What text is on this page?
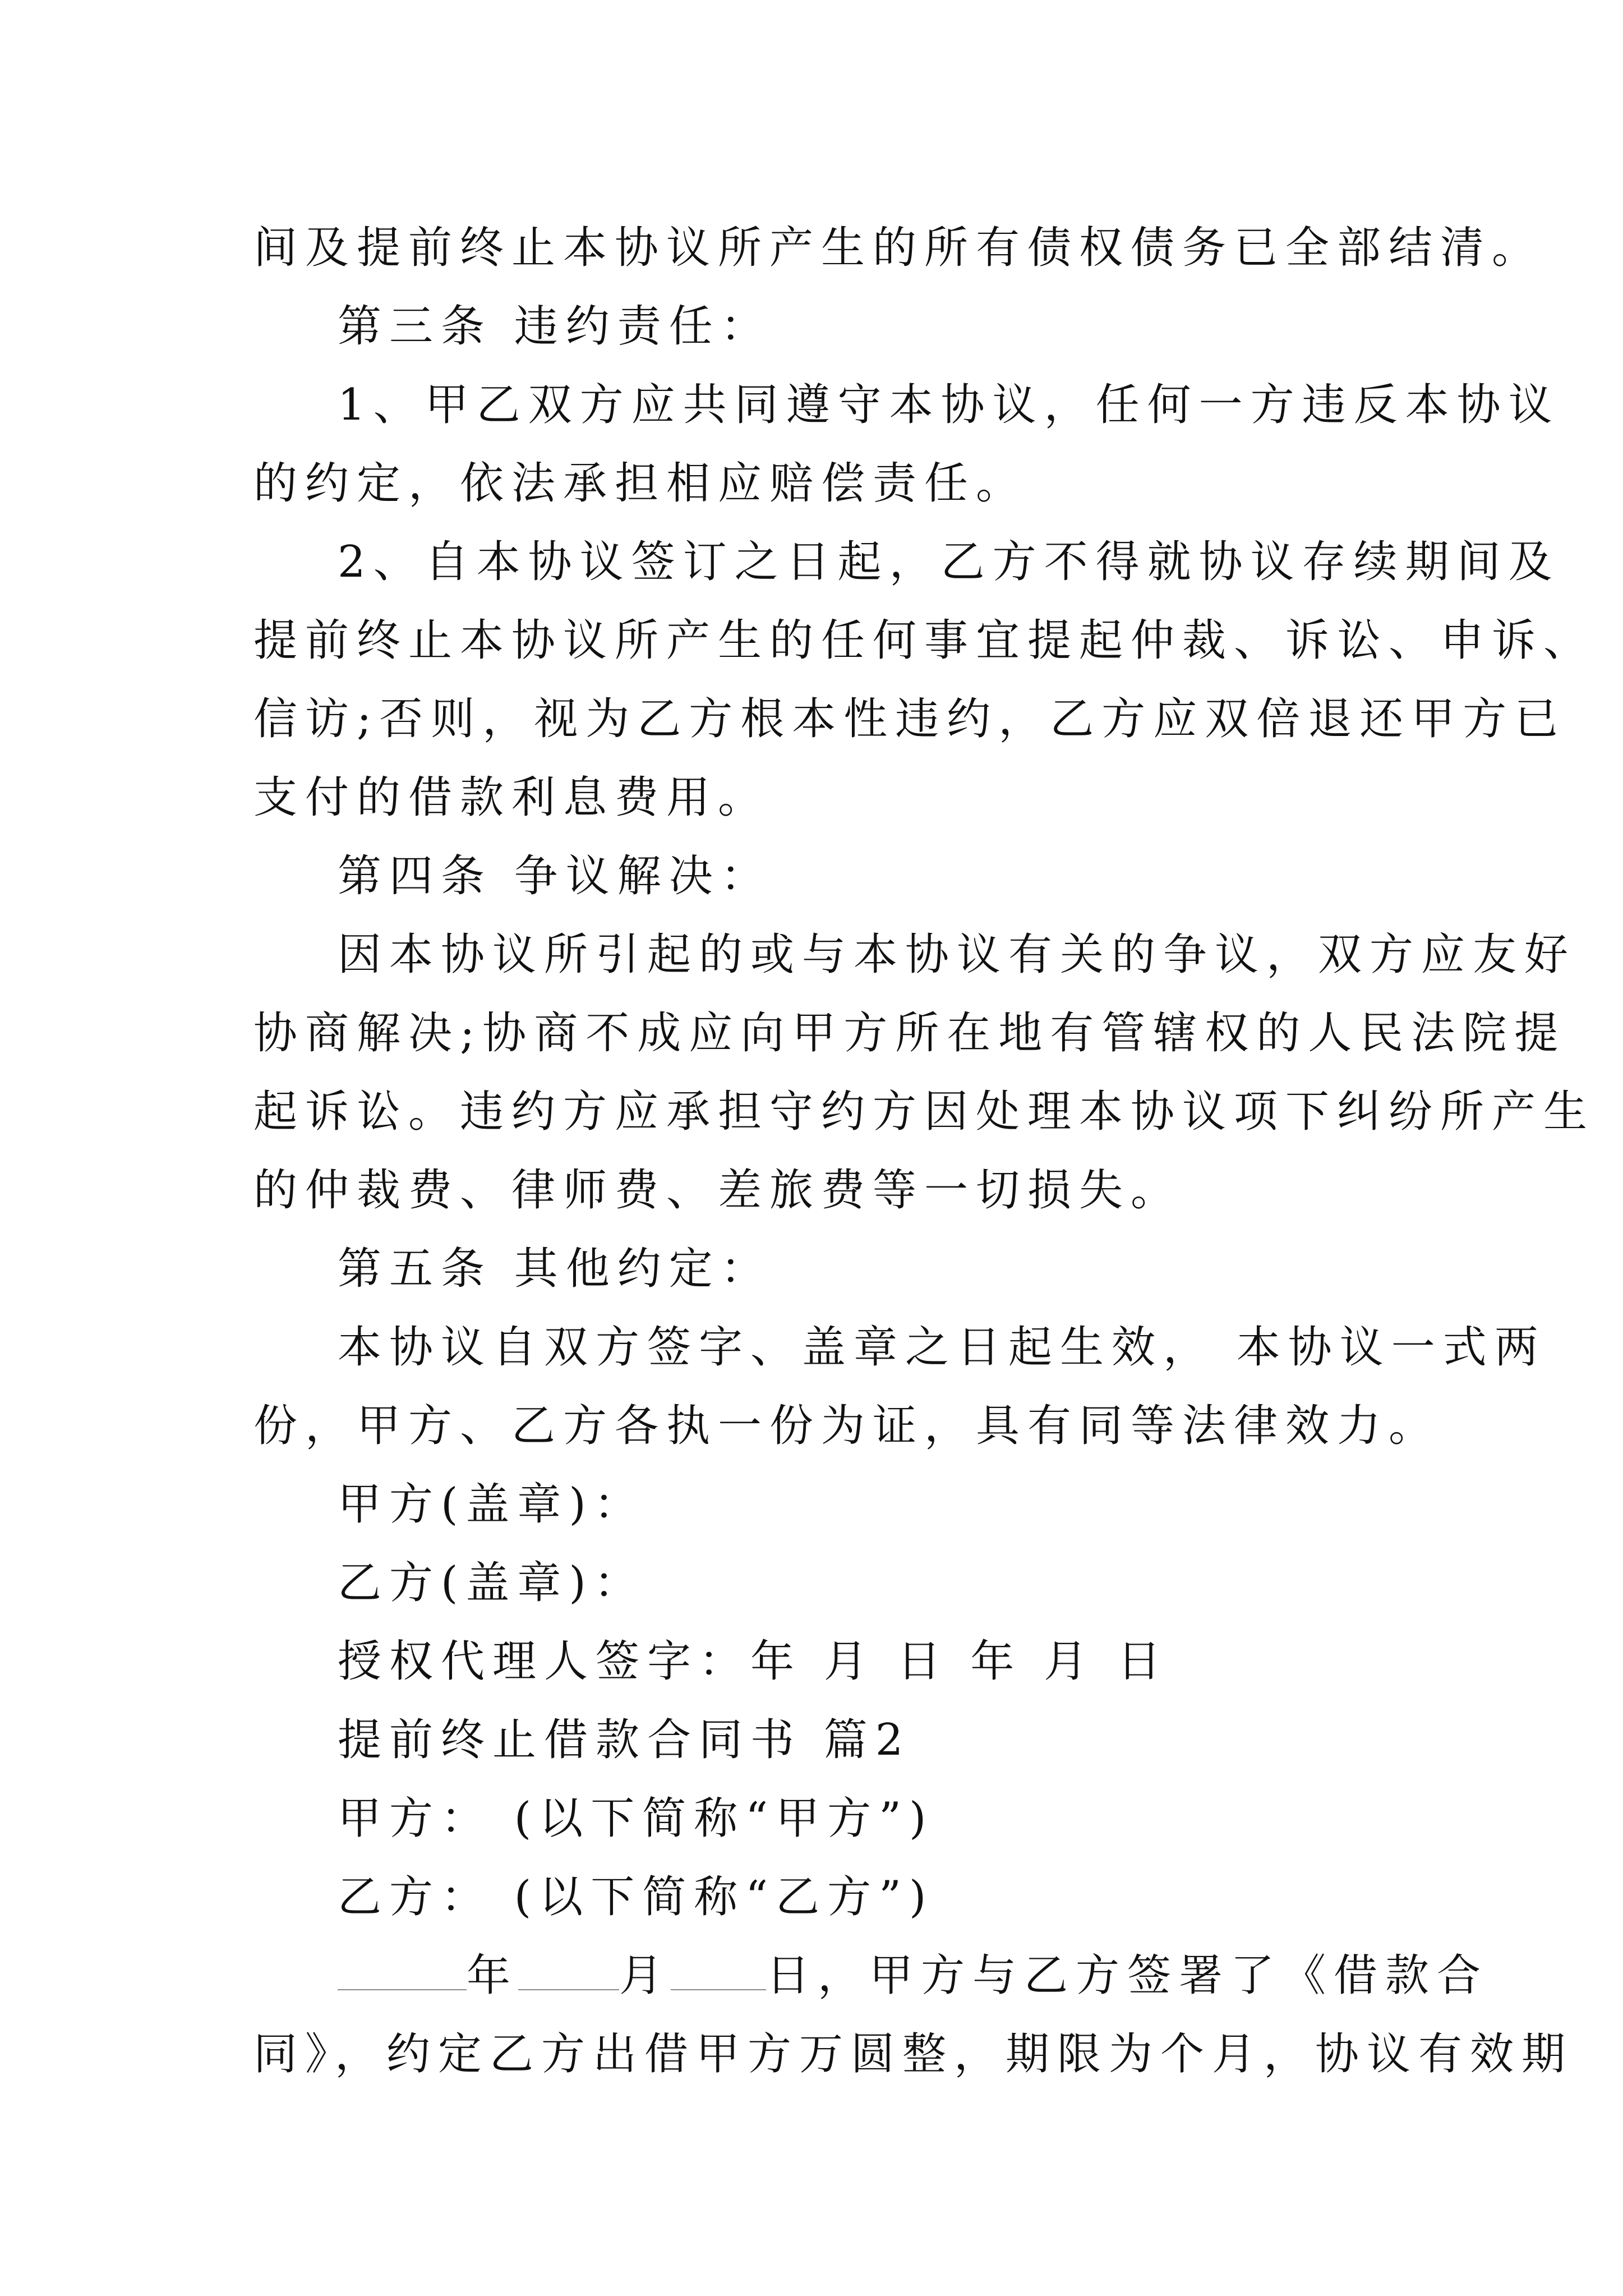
间及提前终止本协议所产生的所有债权债务已全部结清。
第三条 违约责任：
1、甲乙双方应共同遵守本协议，任何一方违反本协议
的约定，依法承担相应赔偿责任。
2、自本协议签订之日起，乙方不得就协议存续期间及
提前终止本协议所产生的任何事宜提起仲裁、诉讼、申诉、
信访;否则，视为乙方根本性违约，乙方应双倍退还甲方已
支付的借款利息费用。
第四条 争议解决：
因本协议所引起的或与本协议有关的争议，双方应友好
协商解决;协商不成应向甲方所在地有管辖权的人民法院提
起诉讼。违约方应承担守约方因处理本协议项下纠纷所产生
的仲裁费、律师费、差旅费等一切损失。
第五条 其他约定：
本协议自双方签字、盖章之日起生效， 本协议一式两
份，甲方、乙方各执一份为证，具有同等法律效力。
甲方(盖章)：
乙方(盖章)：
授权代理人签字：年 月 日 年 月 日
提前终止借款合同书 篇2
甲方： (以下简称“甲方”)
乙方： (以下简称“乙方”)
年 月 日，甲方与乙方签署了《借款合
同》，约定乙方出借甲方万圆整，期限为个月，协议有效期
